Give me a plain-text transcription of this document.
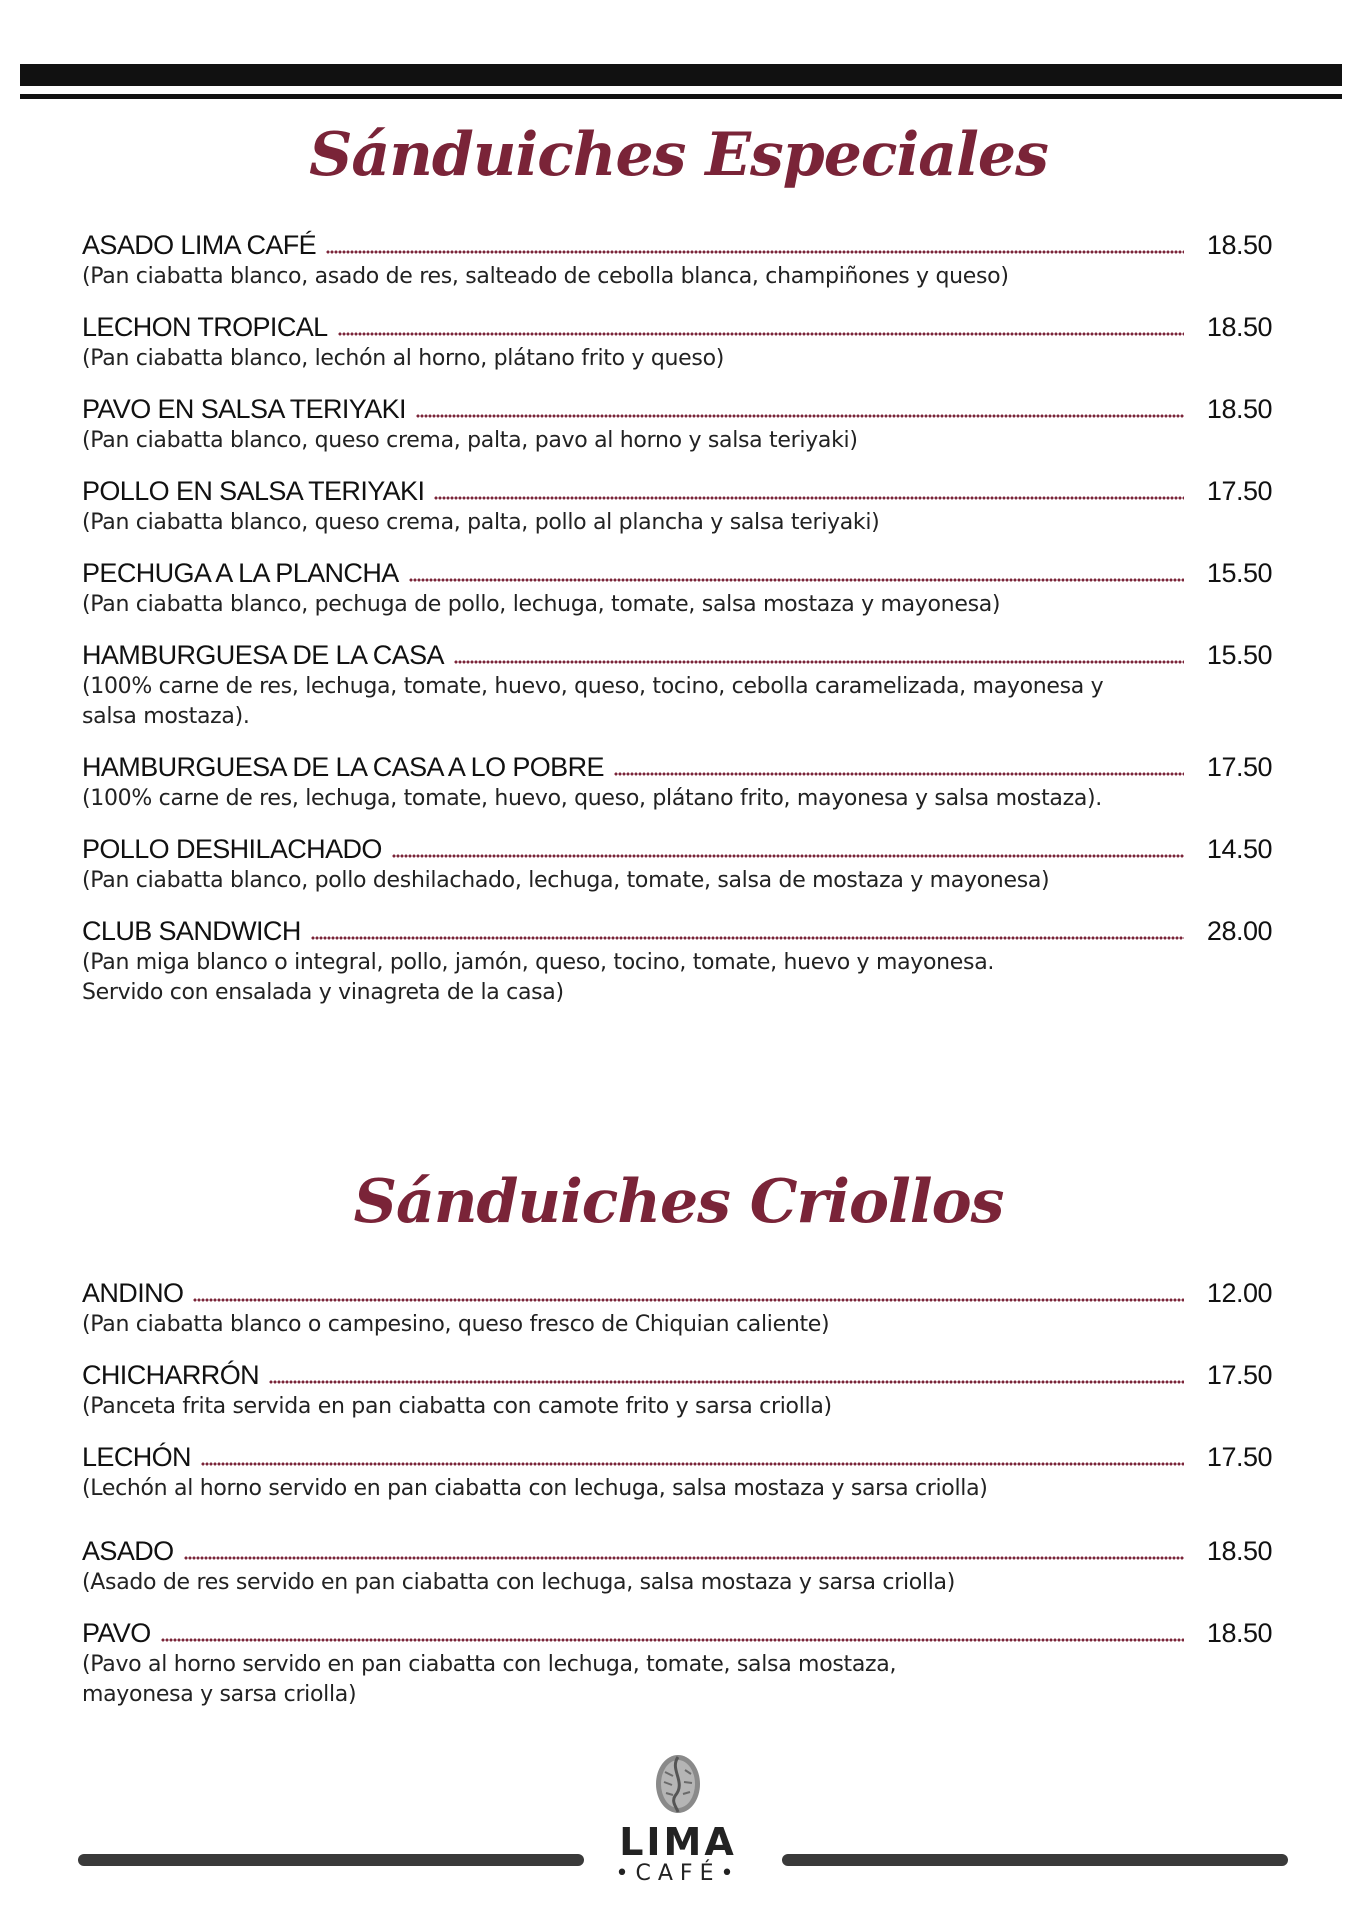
Sánduiches Especiales
ASADO LIMA CAFÉ	18.50
(Pan ciabatta blanco, asado de res, salteado de cebolla blanca, champiñones y queso)
LECHON TROPICAL	18.50
(Pan ciabatta blanco, lechón al horno, plátano frito y queso)
PAVO EN SALSA TERIYAKI	18.50
(Pan ciabatta blanco, queso crema, palta, pavo al horno y salsa teriyaki)
POLLO EN SALSA TERIYAKI	17.50
(Pan ciabatta blanco, queso crema, palta, pollo al plancha y salsa teriyaki)
PECHUGA A LA PLANCHA	15.50
(Pan ciabatta blanco, pechuga de pollo, lechuga, tomate, salsa mostaza y mayonesa)
HAMBURGUESA DE LA CASA	15.50
(100% carne de res, lechuga, tomate, huevo, queso, tocino, cebolla caramelizada, mayonesa y
salsa mostaza).
HAMBURGUESA DE LA CASA A LO POBRE	17.50
(100% carne de res, lechuga, tomate, huevo, queso, plátano frito, mayonesa y salsa mostaza).
POLLO DESHILACHADO	14.50
(Pan ciabatta blanco, pollo deshilachado, lechuga, tomate, salsa de mostaza y mayonesa)
CLUB SANDWICH	28.00
(Pan miga blanco o integral, pollo, jamón, queso, tocino, tomate, huevo y mayonesa.
Servido con ensalada y vinagreta de la casa)
Sánduiches Criollos
ANDINO	12.00
(Pan ciabatta blanco o campesino, queso fresco de Chiquian caliente)
CHICHARRÓN	17.50
(Panceta frita servida en pan ciabatta con camote frito y sarsa criolla)
LECHÓN	17.50
(Lechón al horno servido en pan ciabatta con lechuga, salsa mostaza y sarsa criolla)
ASADO	18.50
(Asado de res servido en pan ciabatta con lechuga, salsa mostaza y sarsa criolla)
PAVO	18.50
(Pavo al horno servido en pan ciabatta con lechuga, tomate, salsa mostaza,
mayonesa y sarsa criolla)
LIMA
•CAFÉ•
